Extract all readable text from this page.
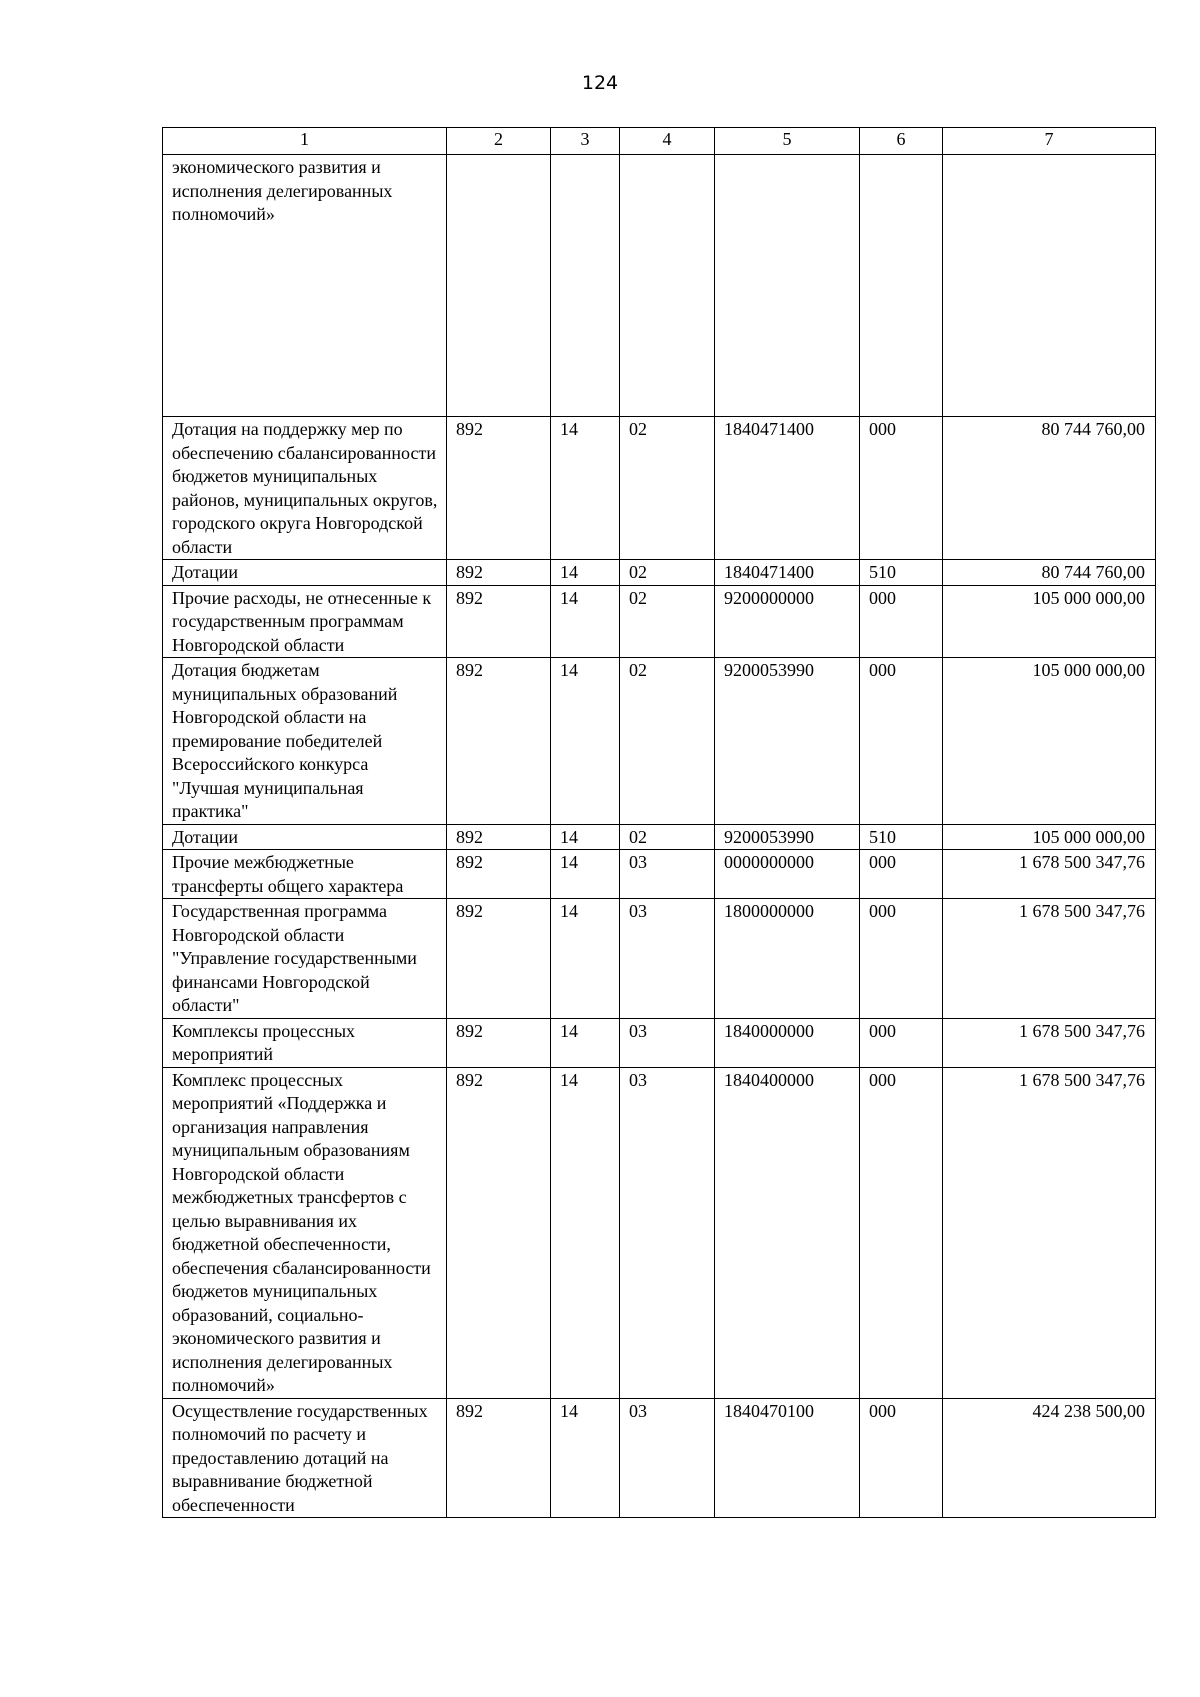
124
1	2	3	4	5	6	7
экономического развития и исполнения делегированных полномочий»						
Дотация на поддержку мер по обеспечению сбалансированности бюджетов муниципальных районов, муниципальных округов, городского округа Новгородской области	892	14	02	1840471400	000	80 744 760,00
Дотации	892	14	02	1840471400	510	80 744 760,00
Прочие расходы, не отнесенные к государственным программам Новгородской области	892	14	02	9200000000	000	105 000 000,00
Дотация бюджетам муниципальных образований Новгородской области на премирование победителей Всероссийского конкурса "Лучшая муниципальная практика"	892	14	02	9200053990	000	105 000 000,00
Дотации	892	14	02	9200053990	510	105 000 000,00
Прочие межбюджетные трансферты общего характера	892	14	03	0000000000	000	1 678 500 347,76
Государственная программа Новгородской области "Управление государственными финансами Новгородской области"	892	14	03	1800000000	000	1 678 500 347,76
Комплексы процессных мероприятий	892	14	03	1840000000	000	1 678 500 347,76
Комплекс процессных мероприятий «Поддержка и организация направления муниципальным образованиям Новгородской области межбюджетных трансфертов с целью выравнивания их бюджетной обеспеченности, обеспечения сбалансированности бюджетов муниципальных образований, социально-экономического развития и исполнения делегированных полномочий»	892	14	03	1840400000	000	1 678 500 347,76
Осуществление государственных полномочий по расчету и предоставлению дотаций на выравнивание бюджетной обеспеченности	892	14	03	1840470100	000	424 238 500,00
